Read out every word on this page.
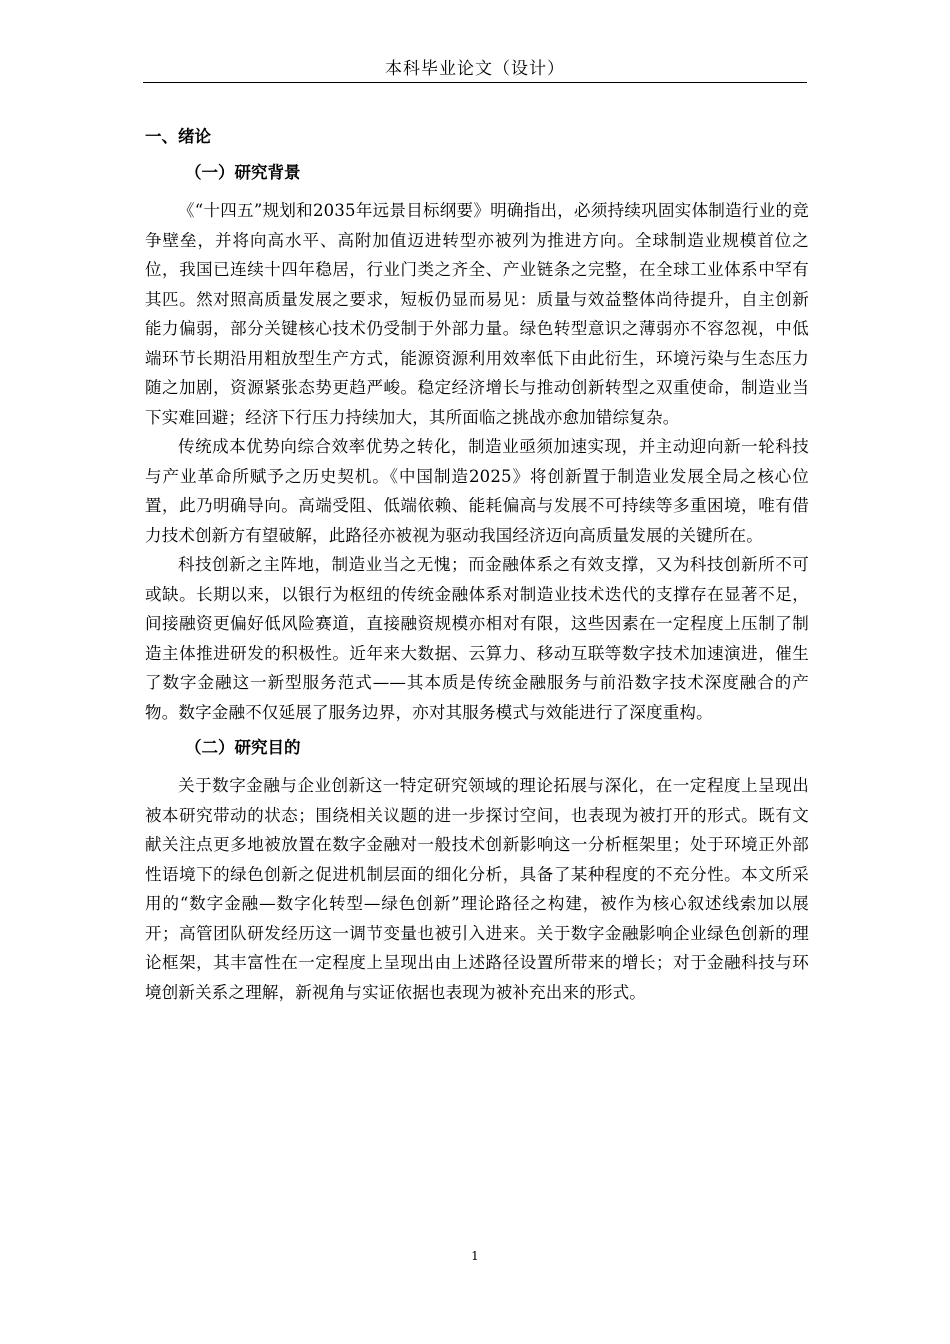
本科毕业论文（设计）
一、绪论
（一）研究背景

《“十四五”规划和2035年远景目标纲要》明确指出，必须持续巩固实体制造行业的竞争壁垒，并将向高水平、高附加值迈进转型亦被列为推进方向。全球制造业规模首位之位，我国已连续十四年稳居，行业门类之齐全、产业链条之完整，在全球工业体系中罕有其匹。然对照高质量发展之要求，短板仍显而易见：质量与效益整体尚待提升，自主创新能力偏弱，部分关键核心技术仍受制于外部力量。绿色转型意识之薄弱亦不容忽视，中低端环节长期沿用粗放型生产方式，能源资源利用效率低下由此衍生，环境污染与生态压力随之加剧，资源紧张态势更趋严峻。稳定经济增长与推动创新转型之双重使命，制造业当下实难回避；经济下行压力持续加大，其所面临之挑战亦愈加错综复杂。

传统成本优势向综合效率优势之转化，制造业亟须加速实现，并主动迎向新一轮科技与产业革命所赋予之历史契机。《中国制造2025》将创新置于制造业发展全局之核心位置，此乃明确导向。高端受阻、低端依赖、能耗偏高与发展不可持续等多重困境，唯有借力技术创新方有望破解，此路径亦被视为驱动我国经济迈向高质量发展的关键所在。

科技创新之主阵地，制造业当之无愧；而金融体系之有效支撑，又为科技创新所不可或缺。长期以来，以银行为枢纽的传统金融体系对制造业技术迭代的支撑存在显著不足，间接融资更偏好低风险赛道，直接融资规模亦相对有限，这些因素在一定程度上压制了制造主体推进研发的积极性。近年来大数据、云算力、移动互联等数字技术加速演进，催生了数字金融这一新型服务范式——其本质是传统金融服务与前沿数字技术深度融合的产物。数字金融不仅延展了服务边界，亦对其服务模式与效能进行了深度重构。

（二）研究目的

关于数字金融与企业创新这一特定研究领域的理论拓展与深化，在一定程度上呈现出被本研究带动的状态；围绕相关议题的进一步探讨空间，也表现为被打开的形式。既有文献关注点更多地被放置在数字金融对一般技术创新影响这一分析框架里；处于环境正外部性语境下的绿色创新之促进机制层面的细化分析，具备了某种程度的不充分性。本文所采用的“数字金融—数字化转型—绿色创新”理论路径之构建，被作为核心叙述线索加以展开；高管团队研发经历这一调节变量也被引入进来。关于数字金融影响企业绿色创新的理论框架，其丰富性在一定程度上呈现出由上述路径设置所带来的增长；对于金融科技与环境创新关系之理解，新视角与实证依据也表现为被补充出来的形式。

1
